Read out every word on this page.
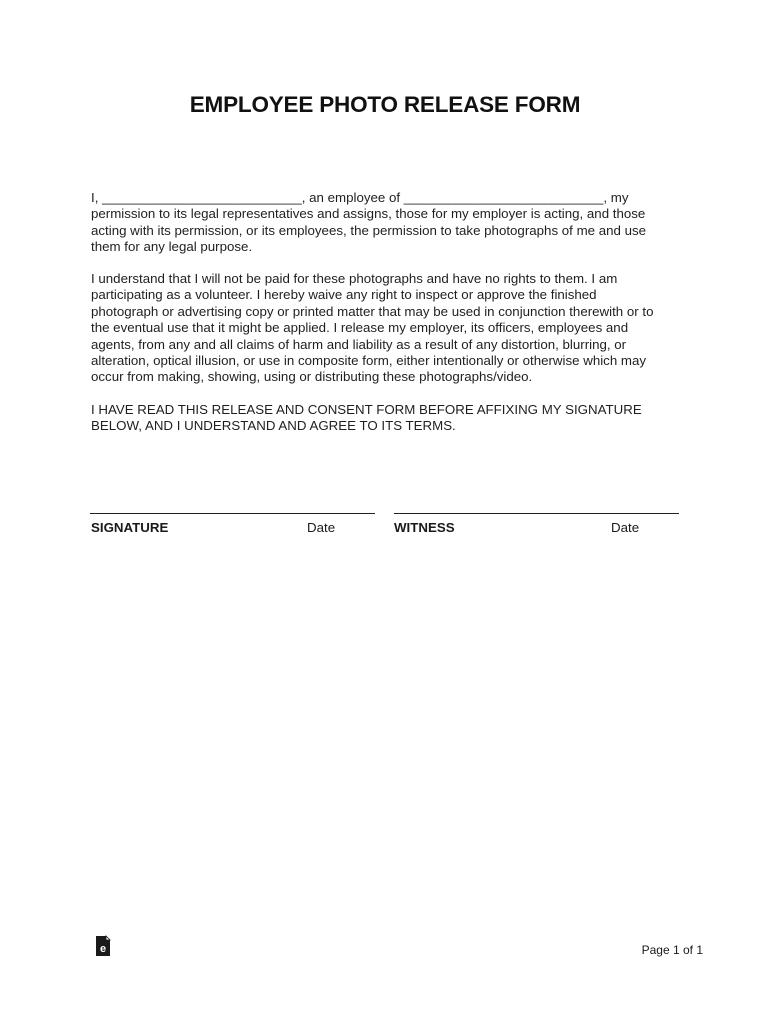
EMPLOYEE PHOTO RELEASE FORM
I, ___________________________, an employee of ___________________________, my
permission to its legal representatives and assigns, those for my employer is acting, and those
acting with its permission, or its employees, the permission to take photographs of me and use
them for any legal purpose.
I understand that I will not be paid for these photographs and have no rights to them. I am
participating as a volunteer. I hereby waive any right to inspect or approve the finished
photograph or advertising copy or printed matter that may be used in conjunction therewith or to
the eventual use that it might be applied. I release my employer, its officers, employees and
agents, from any and all claims of harm and liability as a result of any distortion, blurring, or
alteration, optical illusion, or use in composite form, either intentionally or otherwise which may
occur from making, showing, using or distributing these photographs/video.
I HAVE READ THIS RELEASE AND CONSENT FORM BEFORE AFFIXING MY SIGNATURE
BELOW, AND I UNDERSTAND AND AGREE TO ITS TERMS.
SIGNATURE	Date	WITNESS	Date
e	Page 1 of 1
